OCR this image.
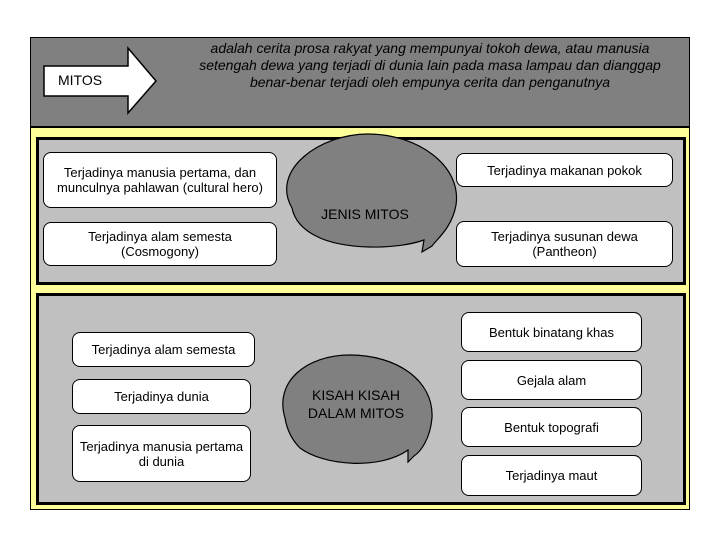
MITOS
adalah cerita prosa rakyat yang mempunyai tokoh dewa, atau manusia setengah dewa yang terjadi di dunia lain pada masa lampau dan dianggap benar-benar terjadi oleh empunya cerita dan penganutnya
JENIS MITOS
Terjadinya manusia pertama, dan munculnya pahlawan (cultural hero)
Terjadinya alam semesta (Cosmogony)
Terjadinya makanan pokok
Terjadinya susunan dewa (Pantheon)
KISAH KISAH DALAM MITOS
Terjadinya alam semesta
Terjadinya dunia
Terjadinya manusia pertama di dunia
Bentuk binatang khas
Gejala alam
Bentuk topografi
Terjadinya maut
